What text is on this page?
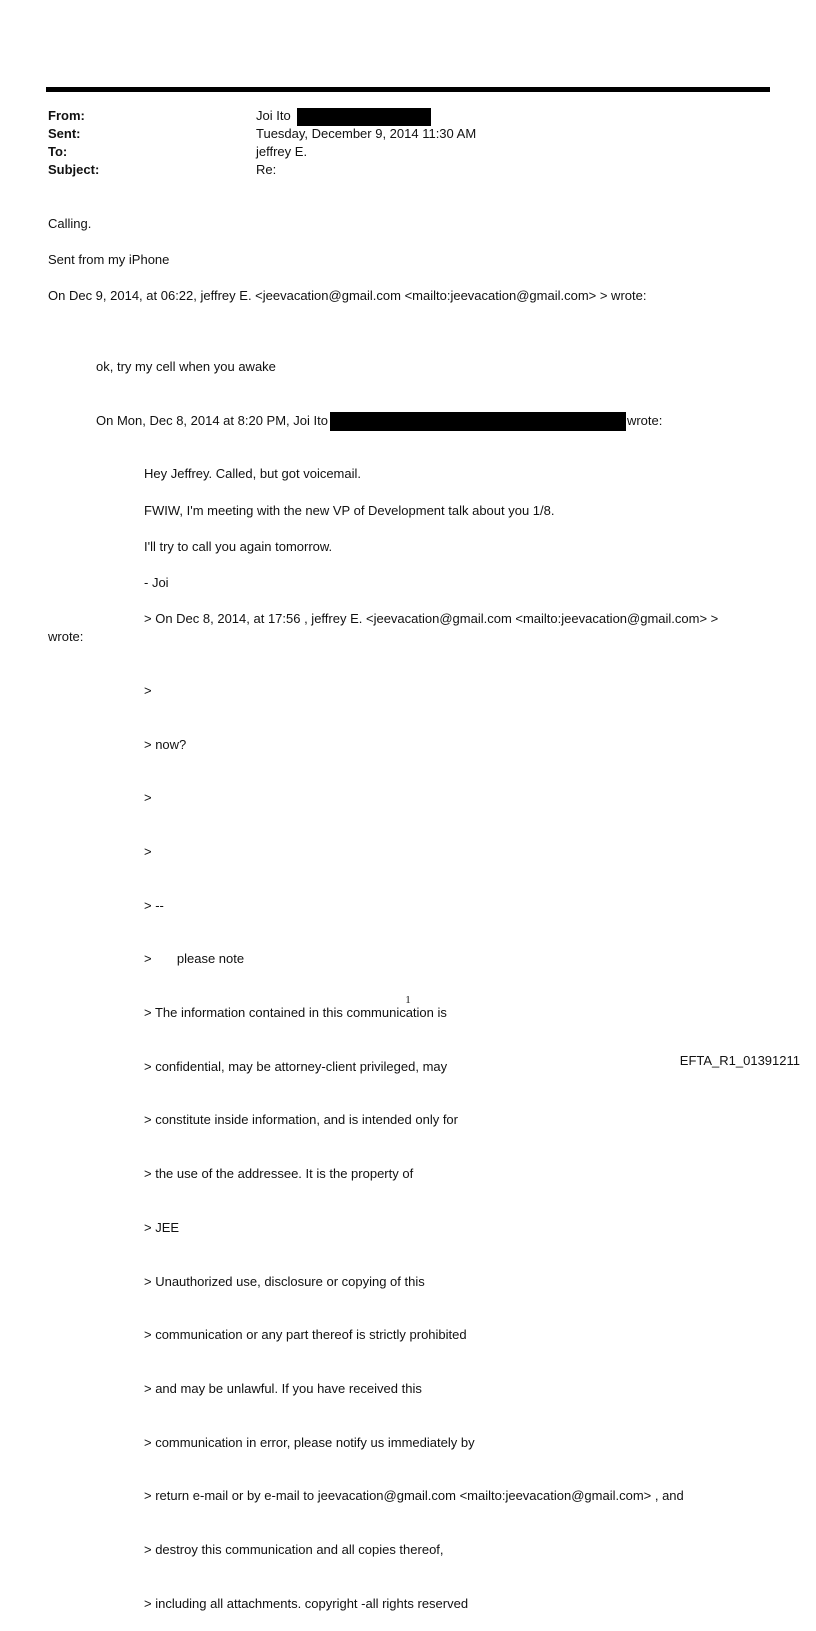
From:	Joi Ito
Sent:	Tuesday, December 9, 2014 11:30 AM
To:	jeffrey E.
Subject:	Re:
Calling.
Sent from my iPhone
On Dec 9, 2014, at 06:22, jeffrey E. <jeevacation@gmail.com <mailto:jeevacation@gmail.com> > wrote:
ok, try my cell when you awake
On Mon, Dec 8, 2014 at 8:20 PM, Joi Ito	wrote:
Hey Jeffrey. Called, but got voicemail.
FWIW, I'm meeting with the new VP of Development talk about you 1/8.
I'll try to call you again tomorrow.
- Joi
> On Dec 8, 2014, at 17:56 , jeffrey E. <jeevacation@gmail.com <mailto:jeevacation@gmail.com> >
wrote:

>

> now?

>

>

> --

>       please note

> The information contained in this communication is

> confidential, may be attorney-client privileged, may

> constitute inside information, and is intended only for

> the use of the addressee. It is the property of

> JEE

> Unauthorized use, disclosure or copying of this

> communication or any part thereof is strictly prohibited

> and may be unlawful. If you have received this

> communication in error, please notify us immediately by

> return e-mail or by e-mail to jeevacation@gmail.com <mailto:jeevacation@gmail.com> , and

> destroy this communication and all copies thereof,

> including all attachments. copyright -all rights reserved

1
EFTA_R1_01391211
